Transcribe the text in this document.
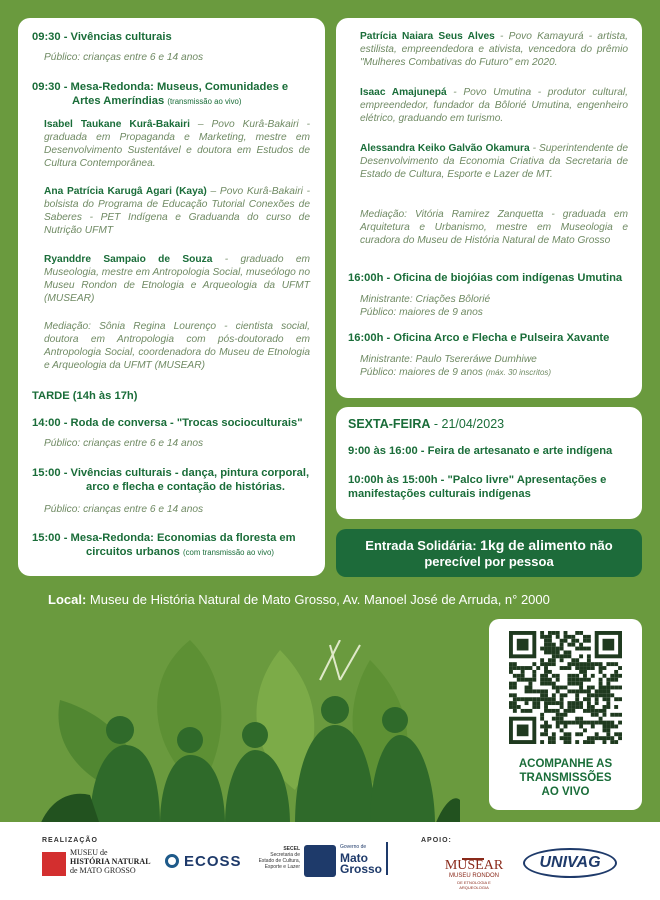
09:30 - Vivências culturais
Público: crianças entre 6 e 14 anos
09:30 - Mesa-Redonda: Museus, Comunidades e
Artes Ameríndias (transmissão ao vivo)
Isabel Taukane Kurâ-Bakairi – Povo Kurâ-Bakairi - graduada em Propaganda e Marketing, mestre em Desenvolvimento Sustentável e doutora em Estudos de Cultura Contemporânea.
Ana Patrícia Karugâ Agari (Kaya) – Povo Kurâ-Bakairi - bolsista do Programa de Educação Tutorial Conexões de Saberes - PET Indígena e Graduanda do curso de Nutrição UFMT
Ryanddre Sampaio de Souza - graduado em Museologia, mestre em Antropologia Social, museólogo no Museu Rondon de Etnologia e Arqueologia da UFMT (MUSEAR)
Mediação: Sônia Regina Lourenço - cientista social, doutora em Antropologia com pós-doutorado em Antropologia Social, coordenadora do Museu de Etnologia e Arqueologia da UFMT (MUSEAR)
TARDE (14h às 17h)
14:00 - Roda de conversa - "Trocas socioculturais"
Público: crianças entre 6 e 14 anos
15:00 - Vivências culturais - dança, pintura corporal,
arco e flecha e contação de histórias.
Público: crianças entre 6 e 14 anos
15:00 - Mesa-Redonda: Economias da floresta em
circuitos urbanos (com transmissão ao vivo)
Patrícia Naiara Seus Alves - Povo Kamayurá - artista, estilista, empreendedora e ativista, vencedora do prêmio "Mulheres Combativas do Futuro" em 2020.
Isaac Amajunepá - Povo Umutina - produtor cultural, empreendedor, fundador da Bôlorié Umutina, engenheiro elétrico, graduando em turismo.
Alessandra Keiko Galvão Okamura - Superintendente de Desenvolvimento da Economia Criativa da Secretaria de Estado de Cultura, Esporte e Lazer de MT.
Mediação: Vitória Ramirez Zanquetta - graduada em Arquitetura e Urbanismo, mestre em Museologia e curadora do Museu de História Natural de Mato Grosso
16:00h - Oficina de biojóias com indígenas Umutina
Ministrante: Criações Bôlorié
Público: maiores de 9 anos
16:00h - Oficina Arco e Flecha e Pulseira Xavante
Ministrante: Paulo Tsereráwe Dumhiwe
Público: maiores de 9 anos (máx. 30 inscritos)
SEXTA-FEIRA - 21/04/2023
9:00 às 16:00 - Feira de artesanato e arte indígena
10:00h às 15:00h - "Palco livre" Apresentações e
manifestações culturais indígenas
Entrada Solidária: 1kg de alimento não
perecível por pessoa
Local: Museu de História Natural de Mato Grosso, Av. Manoel José de Arruda, n° 2000
ACOMPANHE AS
TRANSMISSÕES
AO VIVO
REALIZAÇÃO	APOIO:
MUSEU de
HISTÓRIA NATURAL
de MATO GROSSO
ECOSS
SECEL
Secretaria de
Estado de Cultura,
Esporte e Lazer
Governo de
Mato
Grosso	MUSEAR
MUSEU RONDON
DE ETNOLOGIA E ARQUEOLOGIA
UNIVAG
